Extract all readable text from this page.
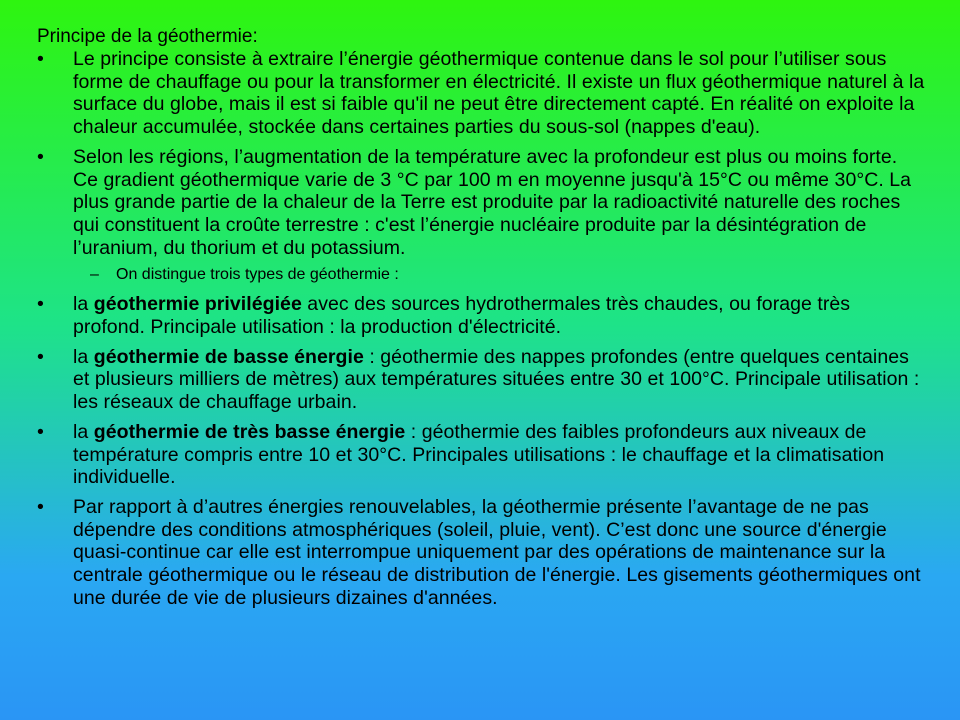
Principe de la géothermie:

•	Le principe consiste à extraire l’énergie géothermique contenue dans le sol pour l’utiliser sous forme de chauffage ou pour la transformer en électricité. Il existe un flux géothermique naturel à la surface du globe, mais il est si faible qu'il ne peut être directement capté. En réalité on exploite la chaleur accumulée, stockée dans certaines parties du sous-sol (nappes d'eau).
•	Selon les régions, l’augmentation de la température avec la profondeur est plus ou moins forte. Ce gradient géothermique varie de 3 °C par 100 m en moyenne jusqu'à 15°C ou même 30°C. La plus grande partie de la chaleur de la Terre est produite par la radioactivité naturelle des roches qui constituent la croûte terrestre : c'est l’énergie nucléaire produite par la désintégration de l’uranium, du thorium et du potassium.
– On distingue trois types de géothermie :
•	la géothermie privilégiée avec des sources hydrothermales très chaudes, ou forage très profond. Principale utilisation : la production d'électricité.
•	la géothermie de basse énergie : géothermie des nappes profondes (entre quelques centaines et plusieurs milliers de mètres) aux températures situées entre 30 et 100°C. Principale utilisation : les réseaux de chauffage urbain.
•	la géothermie de très basse énergie : géothermie des faibles profondeurs aux niveaux de température compris entre 10 et 30°C. Principales utilisations : le chauffage et la climatisation individuelle.
•	Par rapport à d’autres énergies renouvelables, la géothermie présente l’avantage de ne pas dépendre des conditions atmosphériques (soleil, pluie, vent). C’est donc une source d'énergie quasi-continue car elle est interrompue uniquement par des opérations de maintenance sur la centrale géothermique ou le réseau de distribution de l'énergie. Les gisements géothermiques ont une durée de vie de plusieurs dizaines d'années.
